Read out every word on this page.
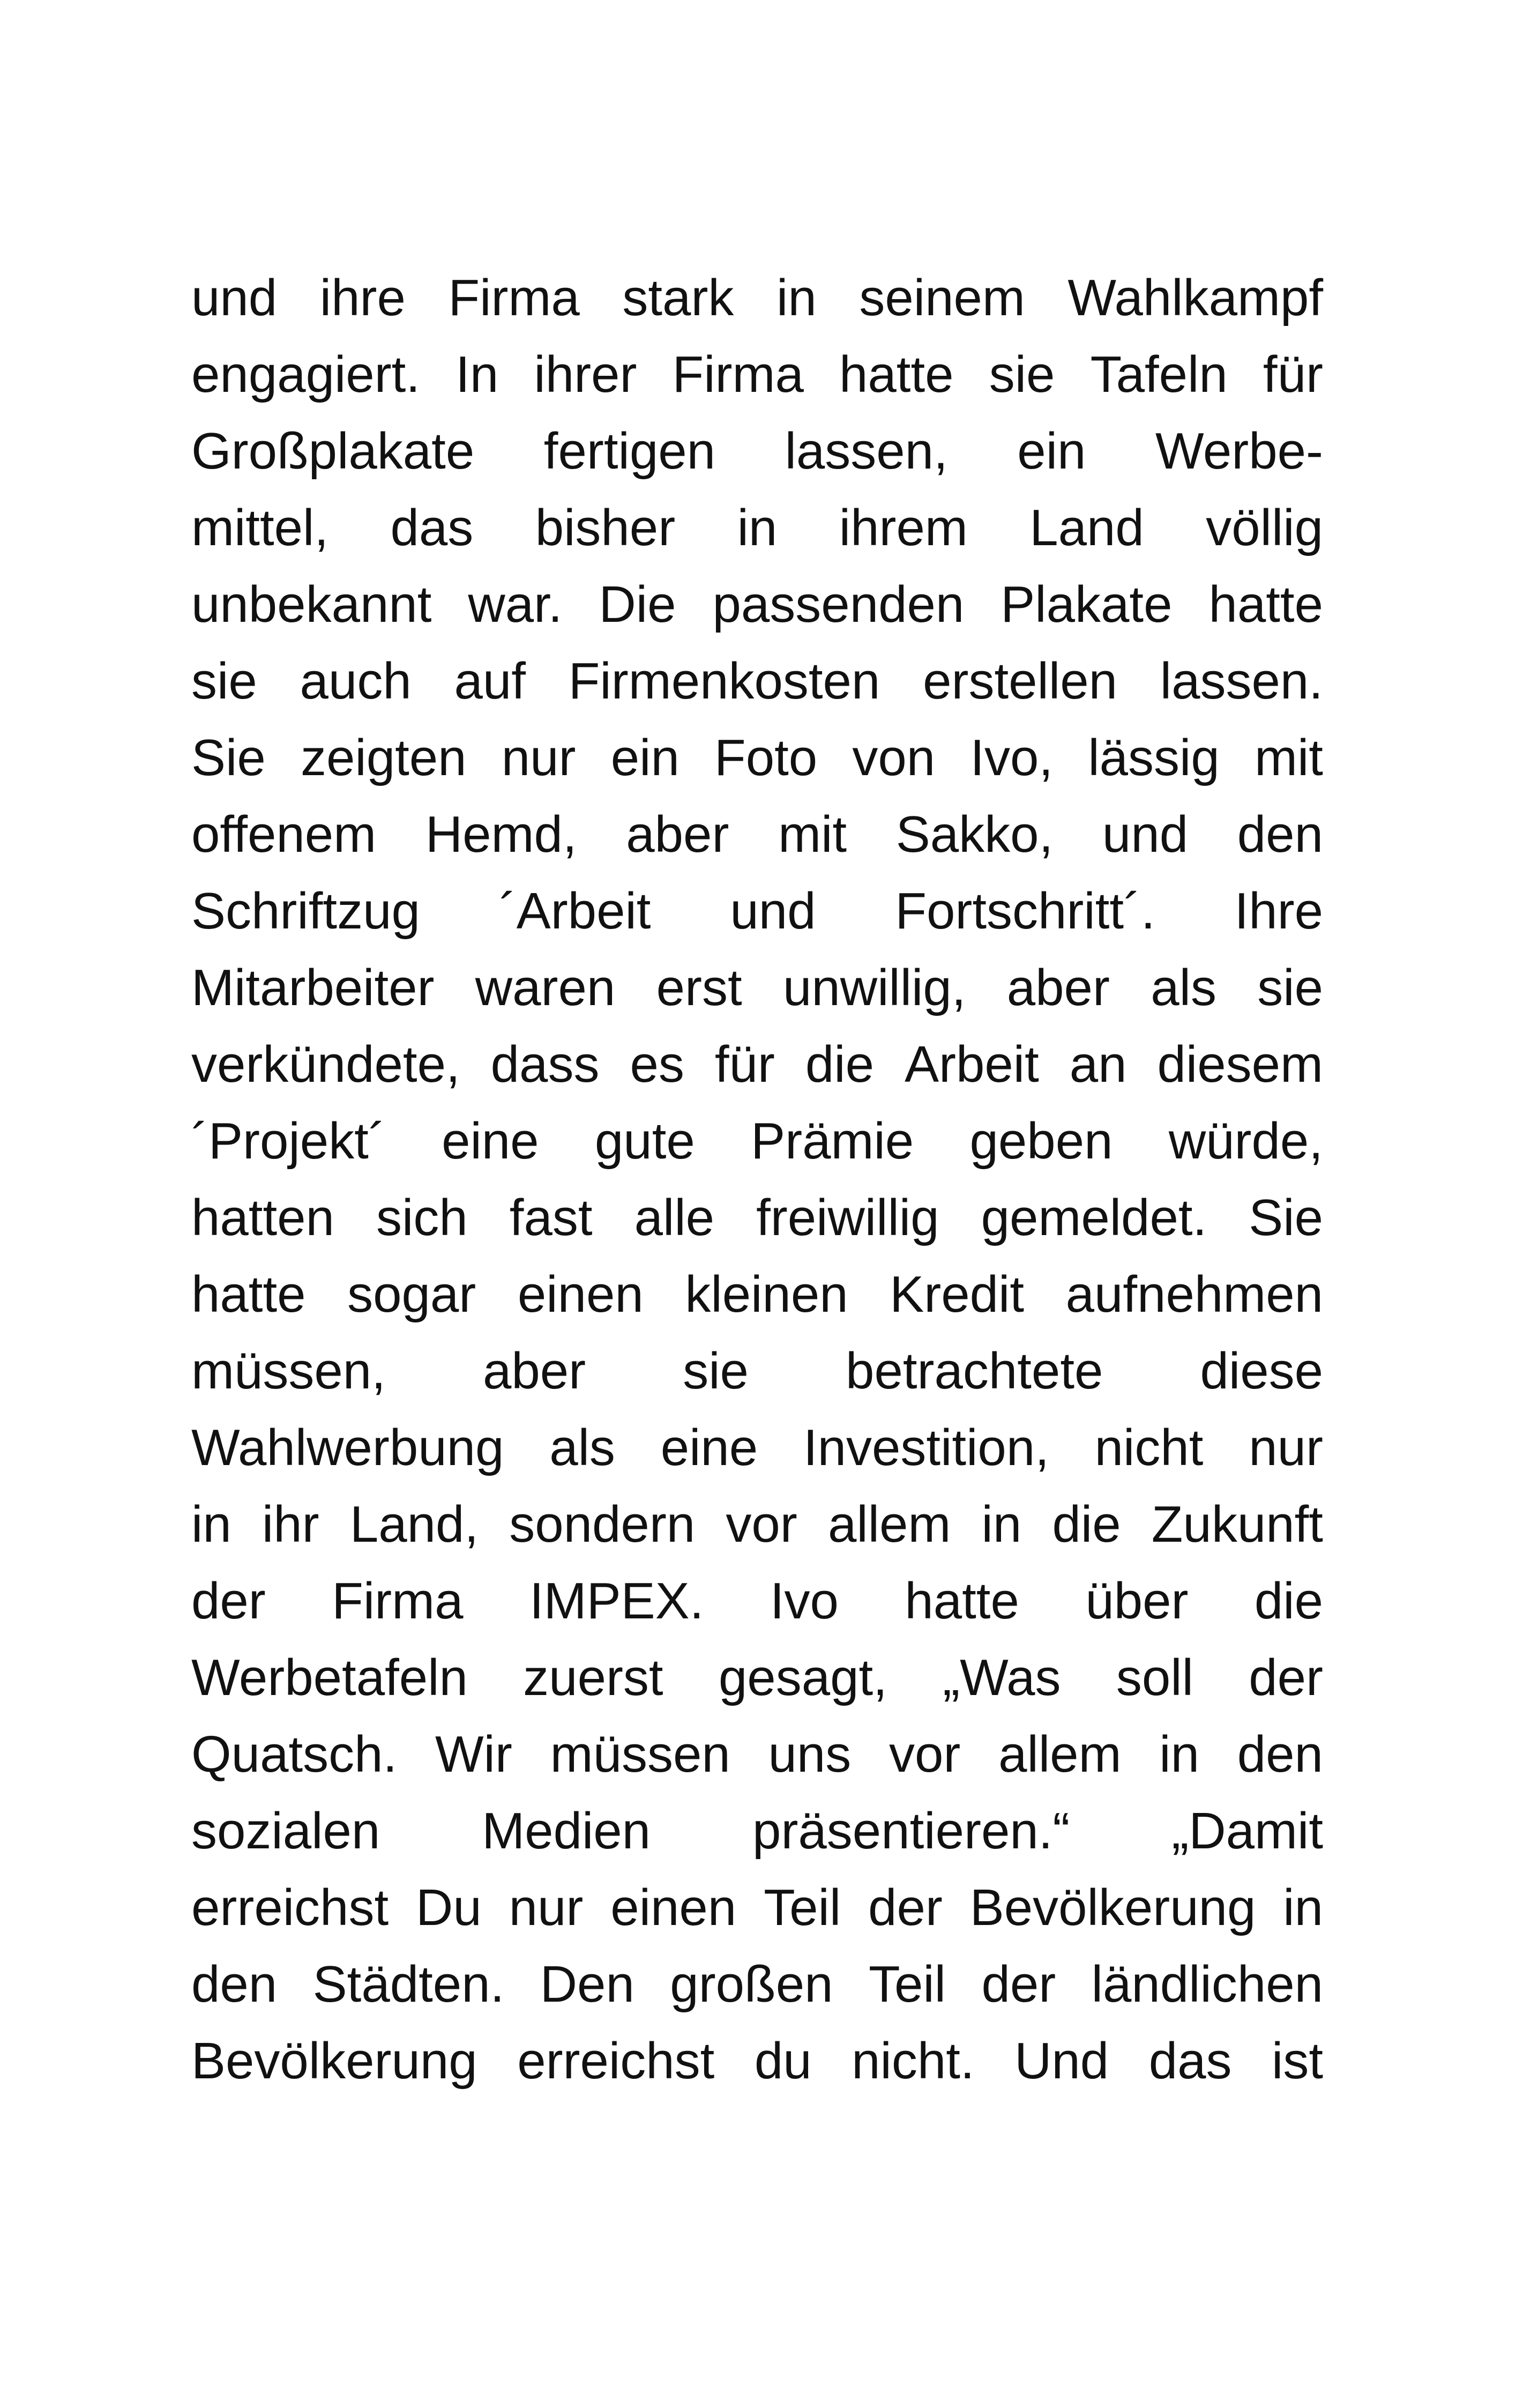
und ihre Firma stark in seinem Wahlkampf
engagiert. In ihrer Firma hatte sie Tafeln für
Großplakate fertigen lassen, ein Werbe-
mittel, das bisher in ihrem Land völlig
unbekannt war. Die passenden Plakate hatte
sie auch auf Firmenkosten erstellen lassen.
Sie zeigten nur ein Foto von Ivo, lässig mit
offenem Hemd, aber mit Sakko, und den
Schriftzug ´Arbeit und Fortschritt´. Ihre
Mitarbeiter waren erst unwillig, aber als sie
verkündete, dass es für die Arbeit an diesem
´Projekt´ eine gute Prämie geben würde,
hatten sich fast alle freiwillig gemeldet. Sie
hatte sogar einen kleinen Kredit aufnehmen
müssen, aber sie betrachtete diese
Wahlwerbung als eine Investition, nicht nur
in ihr Land, sondern vor allem in die Zukunft
der Firma IMPEX. Ivo hatte über die
Werbetafeln zuerst gesagt, „Was soll der
Quatsch. Wir müssen uns vor allem in den
sozialen Medien präsentieren.“ „Damit
erreichst Du nur einen Teil der Bevölkerung in
den Städten. Den großen Teil der ländlichen
Bevölkerung erreichst du nicht. Und das ist
